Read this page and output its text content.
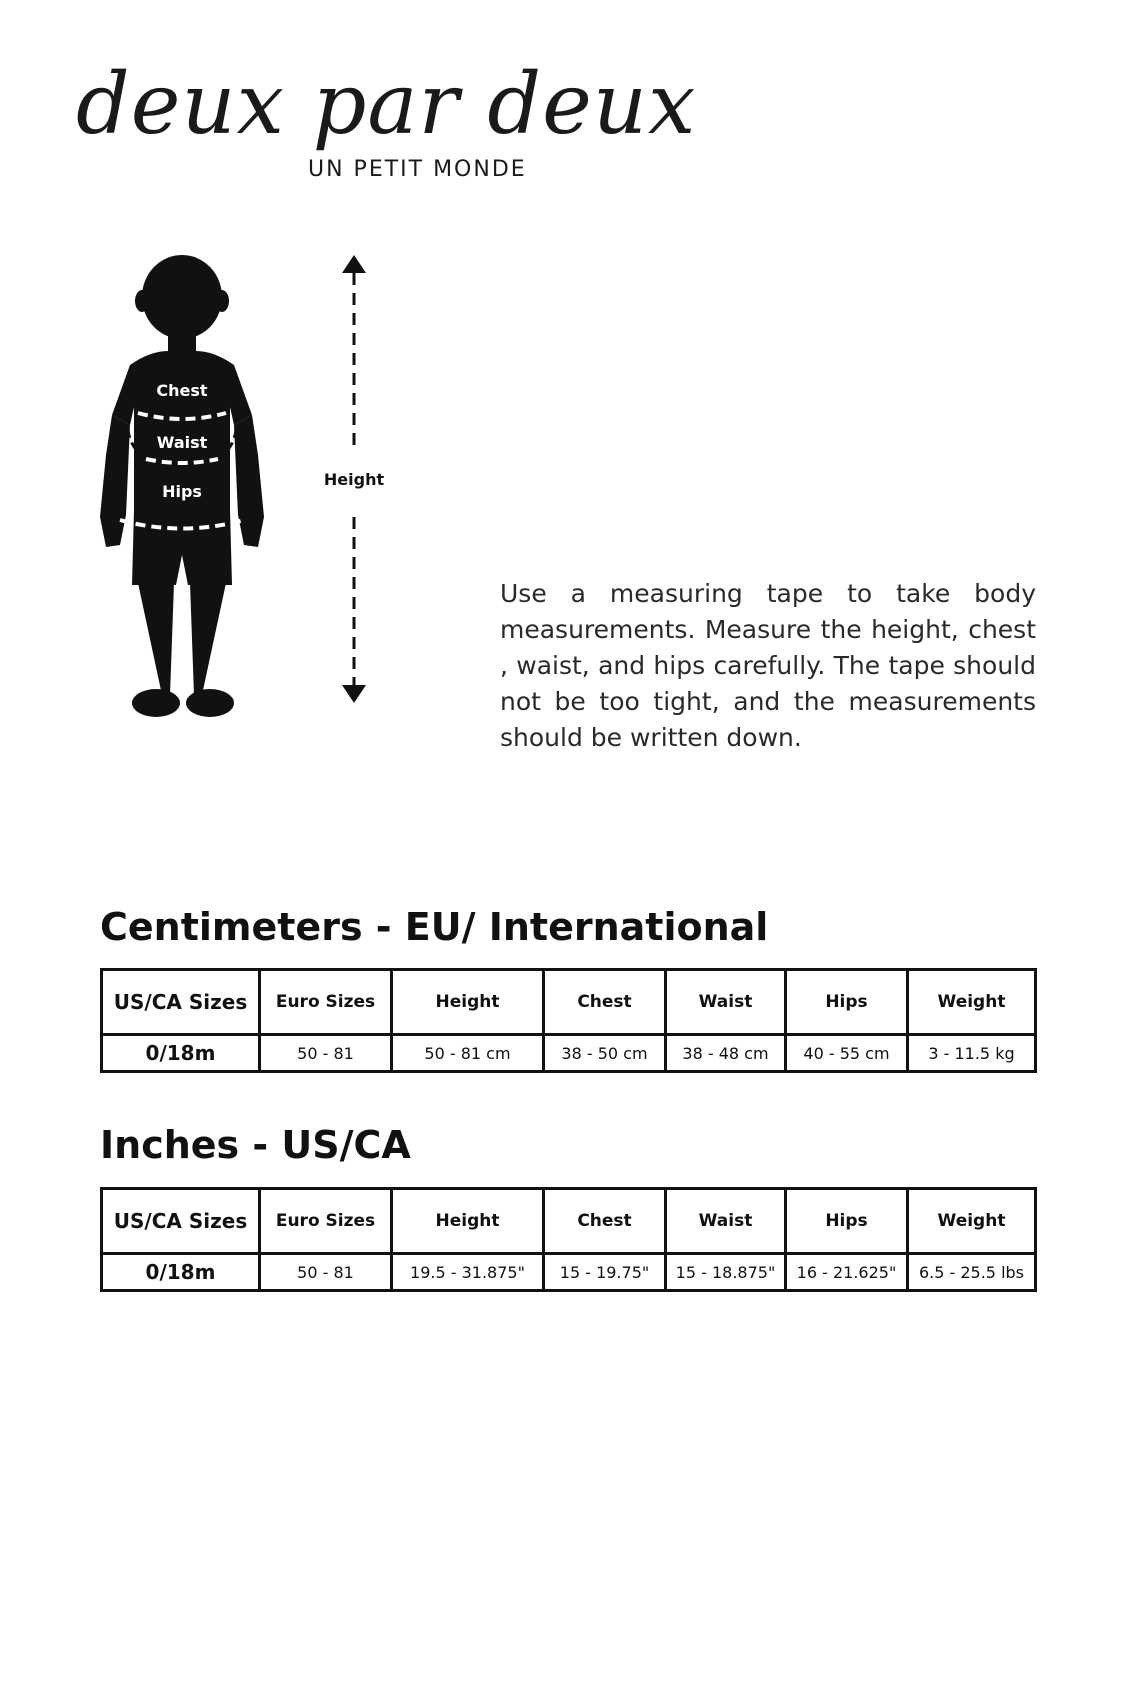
deux par deux
UN PETIT MONDE
Chest
Waist
Hips
Height
Use a measuring tape to take body measurements. Measure the height, chest , waist, and hips carefully. The tape should not be too tight, and the measurements should be written down.
Centimeters - EU/ International
US/CA Sizes	Euro Sizes	Height	Chest	Waist	Hips	Weight
0/18m	50 - 81	50 - 81 cm	38 - 50 cm	38 - 48 cm	40 - 55 cm	3 - 11.5 kg
Inches - US/CA
US/CA Sizes	Euro Sizes	Height	Chest	Waist	Hips	Weight
0/18m	50 - 81	19.5 - 31.875"	15 - 19.75"	15 - 18.875"	16 - 21.625"	6.5 - 25.5 lbs
